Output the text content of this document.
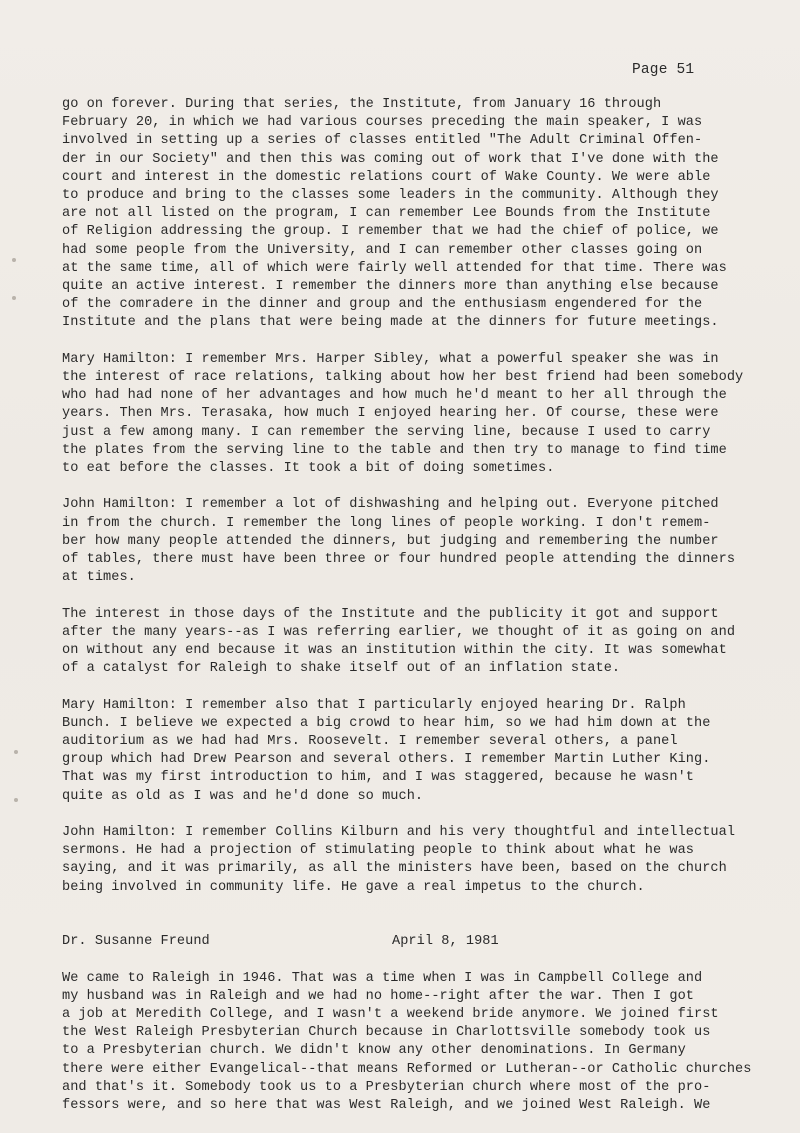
Page 51
go on forever. During that series, the Institute, from January 16 through
February 20, in which we had various courses preceding the main speaker, I was
involved in setting up a series of classes entitled "The Adult Criminal Offen-
der in our Society" and then this was coming out of work that I've done with the
court and interest in the domestic relations court of Wake County. We were able
to produce and bring to the classes some leaders in the community. Although they
are not all listed on the program, I can remember Lee Bounds from the Institute
of Religion addressing the group. I remember that we had the chief of police, we
had some people from the University, and I can remember other classes going on
at the same time, all of which were fairly well attended for that time. There was
quite an active interest. I remember the dinners more than anything else because
of the comradere in the dinner and group and the enthusiasm engendered for the
Institute and the plans that were being made at the dinners for future meetings.
Mary Hamilton: I remember Mrs. Harper Sibley, what a powerful speaker she was in
the interest of race relations, talking about how her best friend had been somebody
who had had none of her advantages and how much he'd meant to her all through the
years. Then Mrs. Terasaka, how much I enjoyed hearing her. Of course, these were
just a few among many. I can remember the serving line, because I used to carry
the plates from the serving line to the table and then try to manage to find time
to eat before the classes. It took a bit of doing sometimes.
John Hamilton: I remember a lot of dishwashing and helping out. Everyone pitched
in from the church. I remember the long lines of people working. I don't remem-
ber how many people attended the dinners, but judging and remembering the number
of tables, there must have been three or four hundred people attending the dinners
at times.
The interest in those days of the Institute and the publicity it got and support
after the many years--as I was referring earlier, we thought of it as going on and
on without any end because it was an institution within the city. It was somewhat
of a catalyst for Raleigh to shake itself out of an inflation state.
Mary Hamilton: I remember also that I particularly enjoyed hearing Dr. Ralph
Bunch. I believe we expected a big crowd to hear him, so we had him down at the
auditorium as we had had Mrs. Roosevelt. I remember several others, a panel
group which had Drew Pearson and several others. I remember Martin Luther King.
That was my first introduction to him, and I was staggered, because he wasn't
quite as old as I was and he'd done so much.
John Hamilton: I remember Collins Kilburn and his very thoughtful and intellectual
sermons. He had a projection of stimulating people to think about what he was
saying, and it was primarily, as all the ministers have been, based on the church
being involved in community life. He gave a real impetus to the church.

Dr. Susanne Freund

	April 8, 1981

We came to Raleigh in 1946. That was a time when I was in Campbell College and
my husband was in Raleigh and we had no home--right after the war. Then I got
a job at Meredith College, and I wasn't a weekend bride anymore. We joined first
the West Raleigh Presbyterian Church because in Charlottsville somebody took us
to a Presbyterian church. We didn't know any other denominations. In Germany
there were either Evangelical--that means Reformed or Lutheran--or Catholic churches
and that's it. Somebody took us to a Presbyterian church where most of the pro-
fessors were, and so here that was West Raleigh, and we joined West Raleigh. We
